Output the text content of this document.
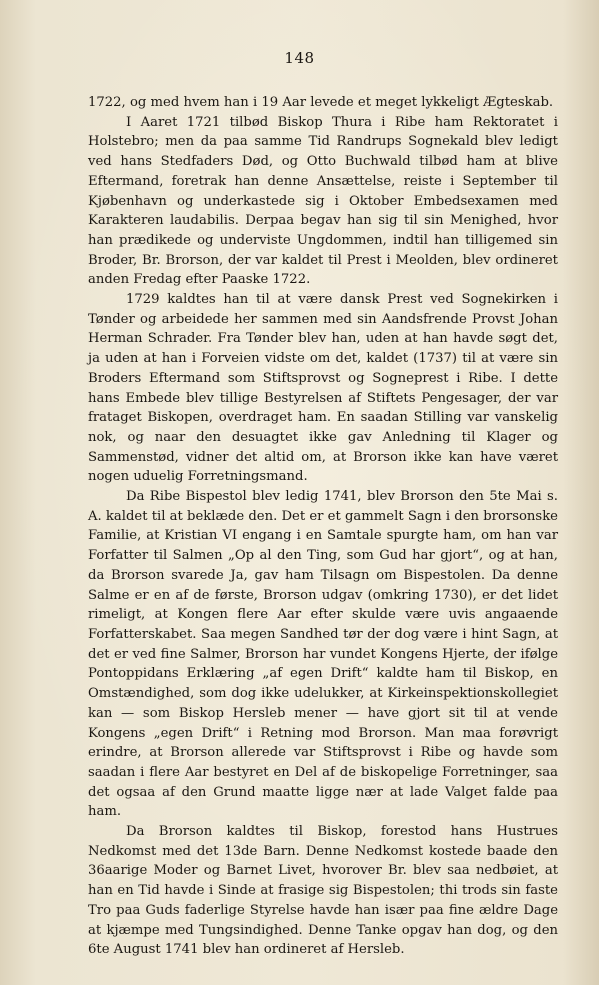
148

1722, og med hvem han i 19 Aar levede et meget lykkeligt Ægteskab.

I Aaret 1721 tilbød Biskop Thura i Ribe ham Rektoratet i Holstebro; men da paa samme Tid Randrups Sognekald blev ledigt ved hans Stedfaders Død, og Otto Buchwald tilbød ham at blive Eftermand, foretrak han denne Ansættelse, reiste i September til Kjøbenhavn og underkastede sig i Oktober Embedsexamen med Karakteren laudabilis. Derpaa begav han sig til sin Menighed, hvor han prædikede og underviste Ungdommen, indtil han tilligemed sin Broder, Br. Brorson, der var kaldet til Prest i Meolden, blev ordineret anden Fredag efter Paaske 1722.

1729 kaldtes han til at være dansk Prest ved Sognekirken i Tønder og arbeidede her sammen med sin Aandsfrende Provst Johan Herman Schrader. Fra Tønder blev han, uden at han havde søgt det, ja uden at han i Forveien vidste om det, kaldet (1737) til at være sin Broders Eftermand som Stiftsprovst og Sogneprest i Ribe. I dette hans Embede blev tillige Bestyrelsen af Stiftets Pengesager, der var frataget Biskopen, overdraget ham. En saadan Stilling var vanskelig nok, og naar den desuagtet ikke gav Anledning til Klager og Sammenstød, vidner det altid om, at Brorson ikke kan have været nogen uduelig Forretningsmand.

Da Ribe Bispestol blev ledig 1741, blev Brorson den 5te Mai s. A. kaldet til at beklæde den. Det er et gammelt Sagn i den brorsonske Familie, at Kristian VI engang i en Samtale spurgte ham, om han var Forfatter til Salmen „Op al den Ting, som Gud har gjort“, og at han, da Brorson svarede Ja, gav ham Tilsagn om Bispestolen. Da denne Salme er en af de første, Brorson udgav (omkring 1730), er det lidet rimeligt, at Kongen flere Aar efter skulde være uvis angaaende Forfatterskabet. Saa megen Sandhed tør der dog være i hint Sagn, at det er ved fine Salmer, Brorson har vundet Kongens Hjerte, der ifølge Pontoppidans Erklæring „af egen Drift“ kaldte ham til Biskop, en Omstændighed, som dog ikke udelukker, at Kirkeinspektionskollegiet kan — som Biskop Hersleb mener — have gjort sit til at vende Kongens „egen Drift“ i Retning mod Brorson. Man maa forøvrigt erindre, at Brorson allerede var Stiftsprovst i Ribe og havde som saadan i flere Aar bestyret en Del af de biskopelige Forretninger, saa det ogsaa af den Grund maatte ligge nær at lade Valget falde paa ham.

Da Brorson kaldtes til Biskop, forestod hans Hustrues Nedkomst med det 13de Barn. Denne Nedkomst kostede baade den 36aarige Moder og Barnet Livet, hvorover Br. blev saa nedbøiet, at han en Tid havde i Sinde at frasige sig Bispestolen; thi trods sin faste Tro paa Guds faderlige Styrelse havde han især paa fine ældre Dage at kjæmpe med Tungsindighed. Denne Tanke opgav han dog, og den 6te August 1741 blev han ordineret af Hersleb.
